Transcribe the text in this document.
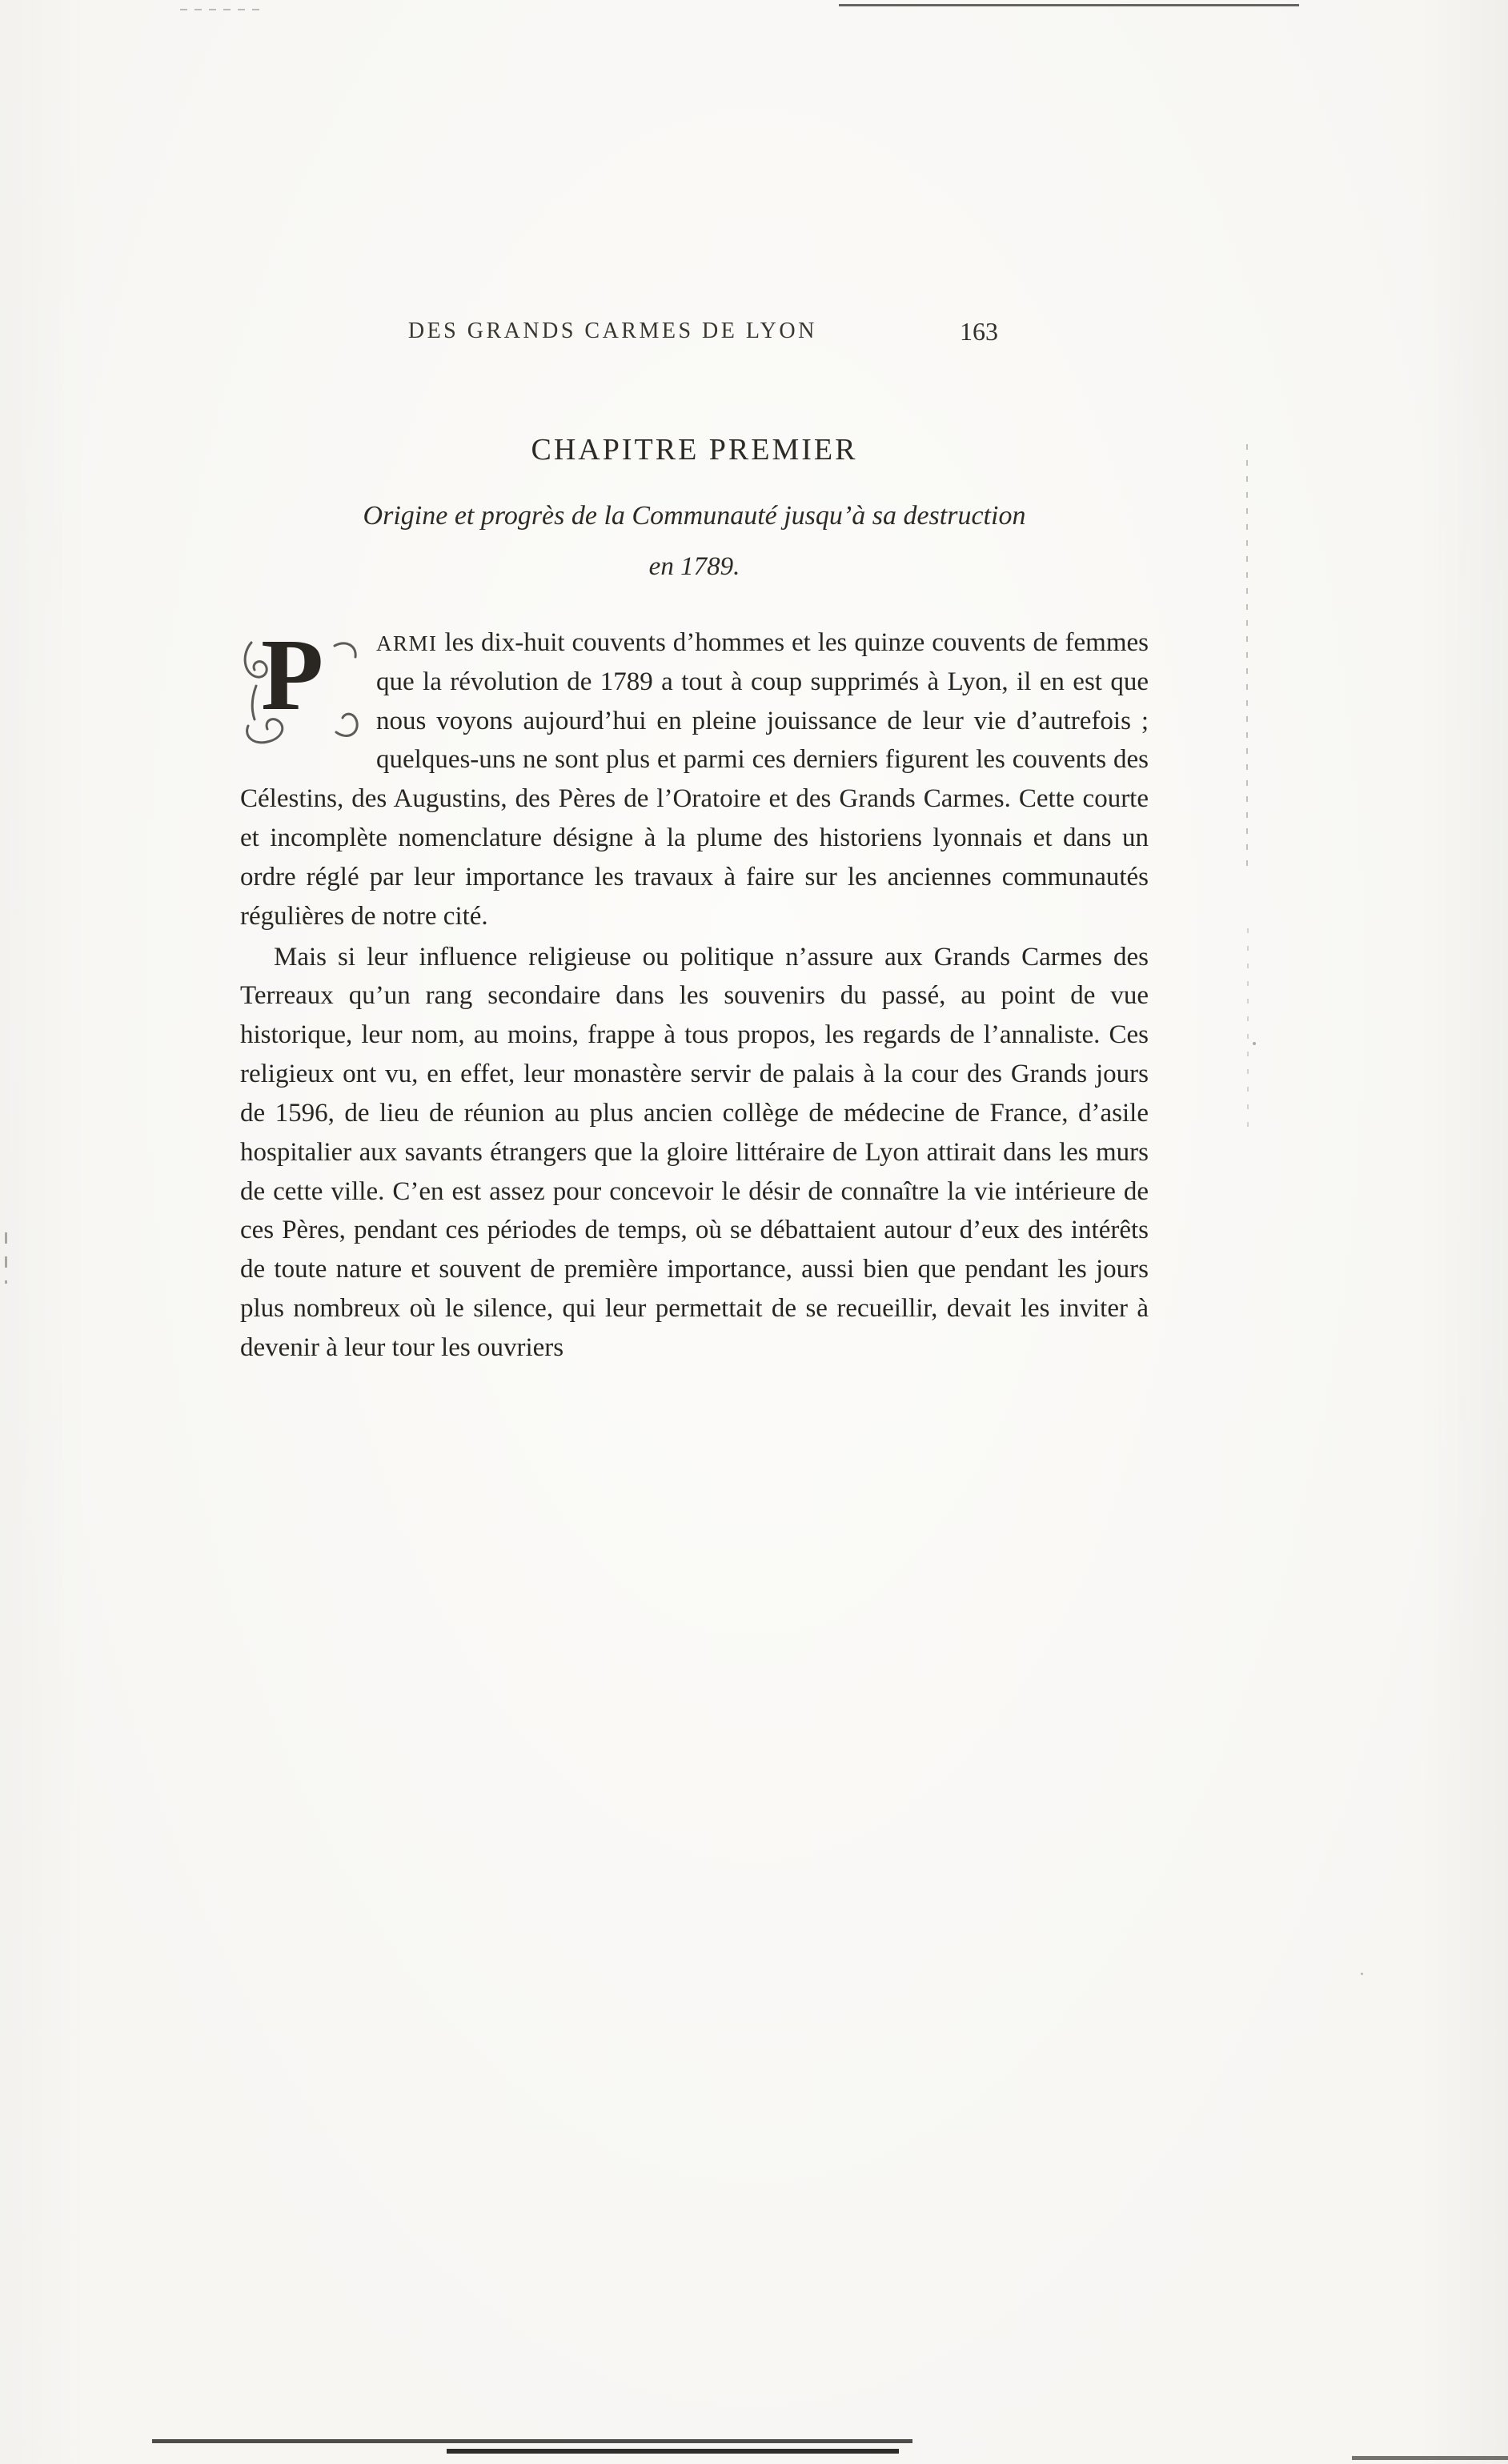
DES GRANDS CARMES DE LYON	163
CHAPITRE PREMIER
Origine et progrès de la Communauté jusqu’à sa destruction
en 1789.

P ARMI les dix-huit couvents d’hommes et les quinze couvents de femmes que la révolution de 1789 a tout à coup supprimés à Lyon, il en est que nous voyons aujourd’hui en pleine jouissance de leur vie d’autrefois ; quelques-uns ne sont plus et parmi ces derniers figurent les couvents des Célestins, des Augustins, des Pères de l’Oratoire et des Grands Carmes. Cette courte et incomplète nomenclature désigne à la plume des historiens lyonnais et dans un ordre réglé par leur importance les travaux à faire sur les anciennes communautés régulières de notre cité.

Mais si leur influence religieuse ou politique n’assure aux Grands Carmes des Terreaux qu’un rang secondaire dans les souvenirs du passé, au point de vue historique, leur nom, au moins, frappe à tous propos, les regards de l’annaliste. Ces religieux ont vu, en effet, leur monastère servir de palais à la cour des Grands jours de 1596, de lieu de réunion au plus ancien collège de médecine de France, d’asile hospitalier aux savants étrangers que la gloire littéraire de Lyon attirait dans les murs de cette ville. C’en est assez pour concevoir le désir de connaître la vie intérieure de ces Pères, pendant ces périodes de temps, où se débattaient autour d’eux des intérêts de toute nature et souvent de première importance, aussi bien que pendant les jours plus nombreux où le silence, qui leur permettait de se recueillir, devait les inviter à devenir à leur tour les ouvriers
